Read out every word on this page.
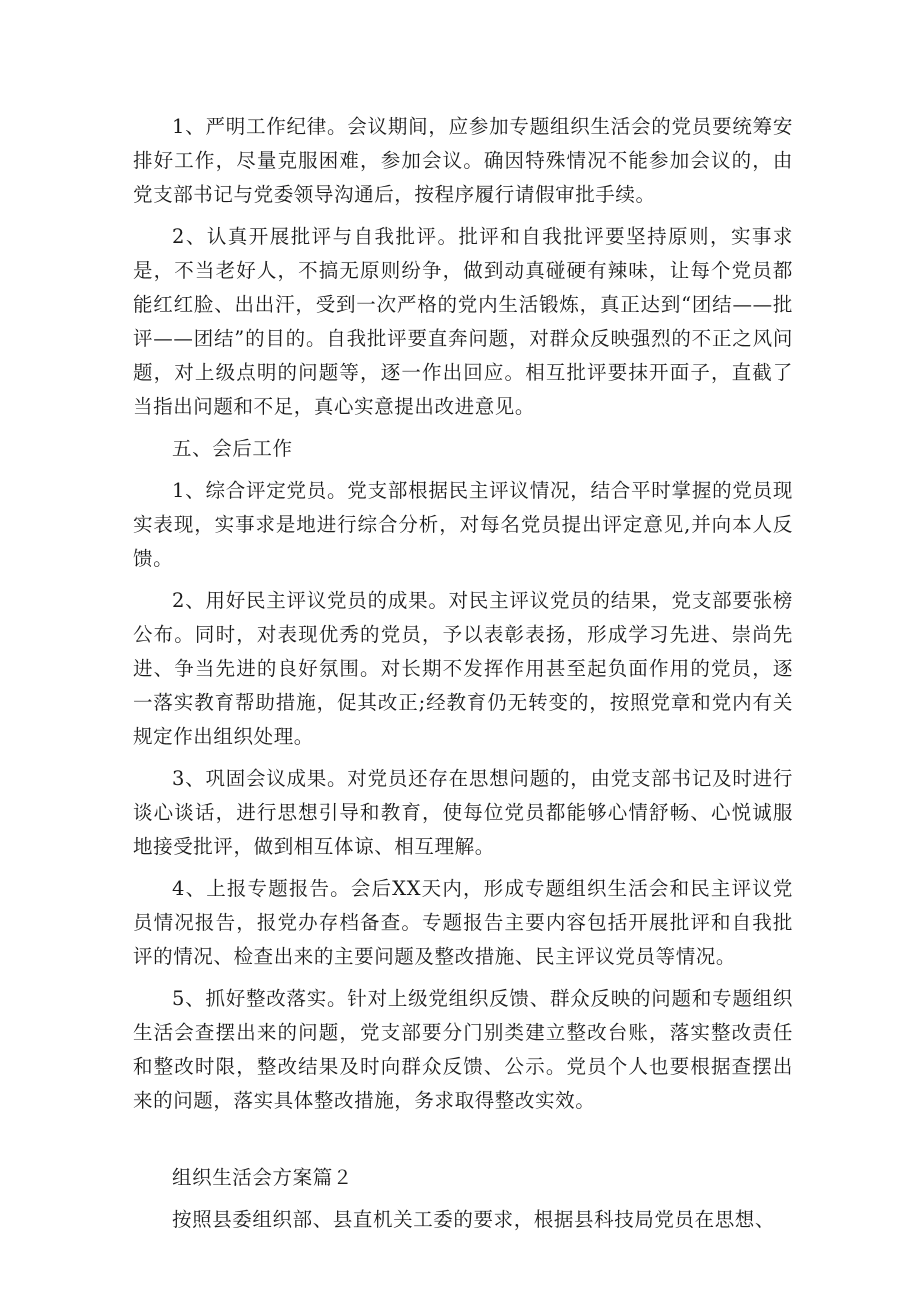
1、严明工作纪律。会议期间，应参加专题组织生活会的党员要统筹安排好工作，尽量克服困难，参加会议。确因特殊情况不能参加会议的，由党支部书记与党委领导沟通后，按程序履行请假审批手续。

2、认真开展批评与自我批评。批评和自我批评要坚持原则，实事求是，不当老好人，不搞无原则纷争，做到动真碰硬有辣味，让每个党员都能红红脸、出出汗，受到一次严格的党内生活锻炼，真正达到“团结——批评——团结”的目的。自我批评要直奔问题，对群众反映强烈的不正之风问题，对上级点明的问题等，逐一作出回应。相互批评要抹开面子，直截了当指出问题和不足，真心实意提出改进意见。

五、会后工作

1、综合评定党员。党支部根据民主评议情况，结合平时掌握的党员现实表现，实事求是地进行综合分析，对每名党员提出评定意见,并向本人反馈。

2、用好民主评议党员的成果。对民主评议党员的结果，党支部要张榜公布。同时，对表现优秀的党员，予以表彰表扬，形成学习先进、崇尚先进、争当先进的良好氛围。对长期不发挥作用甚至起负面作用的党员，逐一落实教育帮助措施，促其改正;经教育仍无转变的，按照党章和党内有关规定作出组织处理。

3、巩固会议成果。对党员还存在思想问题的，由党支部书记及时进行谈心谈话，进行思想引导和教育，使每位党员都能够心情舒畅、心悦诚服地接受批评，做到相互体谅、相互理解。

4、上报专题报告。会后XX天内，形成专题组织生活会和民主评议党员情况报告，报党办存档备查。专题报告主要内容包括开展批评和自我批评的情况、检查出来的主要问题及整改措施、民主评议党员等情况。

5、抓好整改落实。针对上级党组织反馈、群众反映的问题和专题组织生活会查摆出来的问题，党支部要分门别类建立整改台账，落实整改责任和整改时限，整改结果及时向群众反馈、公示。党员个人也要根据查摆出来的问题，落实具体整改措施，务求取得整改实效。

组织生活会方案篇２

按照县委组织部、县直机关工委的要求，根据县科技局党员在思想、
